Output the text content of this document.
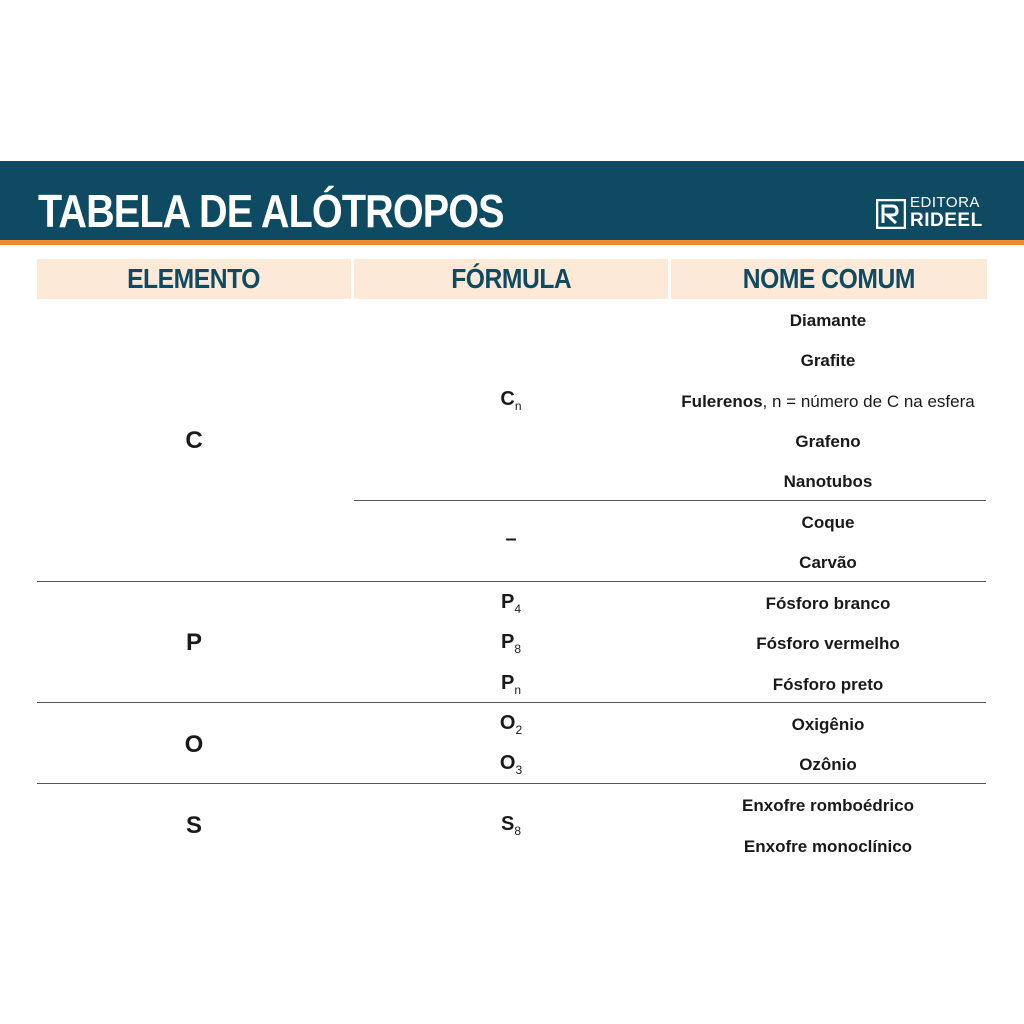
TABELA DE ALÓTROPOS	EDITORA
RIDEEL
ELEMENTO	FÓRMULA	NOME COMUM
C
$C_n$
Diamante
Grafite
Fulerenos, n = número de C na esfera
Grafeno
Nanotubos
–
Coque
Carvão
P
$P_4$	Fósforo branco
$P_8$	Fósforo vermelho
$P_n$	Fósforo preto
O
$O_2$	Oxigênio
$O_3$	Ozônio
S	$S_8$
Enxofre romboédrico
Enxofre monoclínico
